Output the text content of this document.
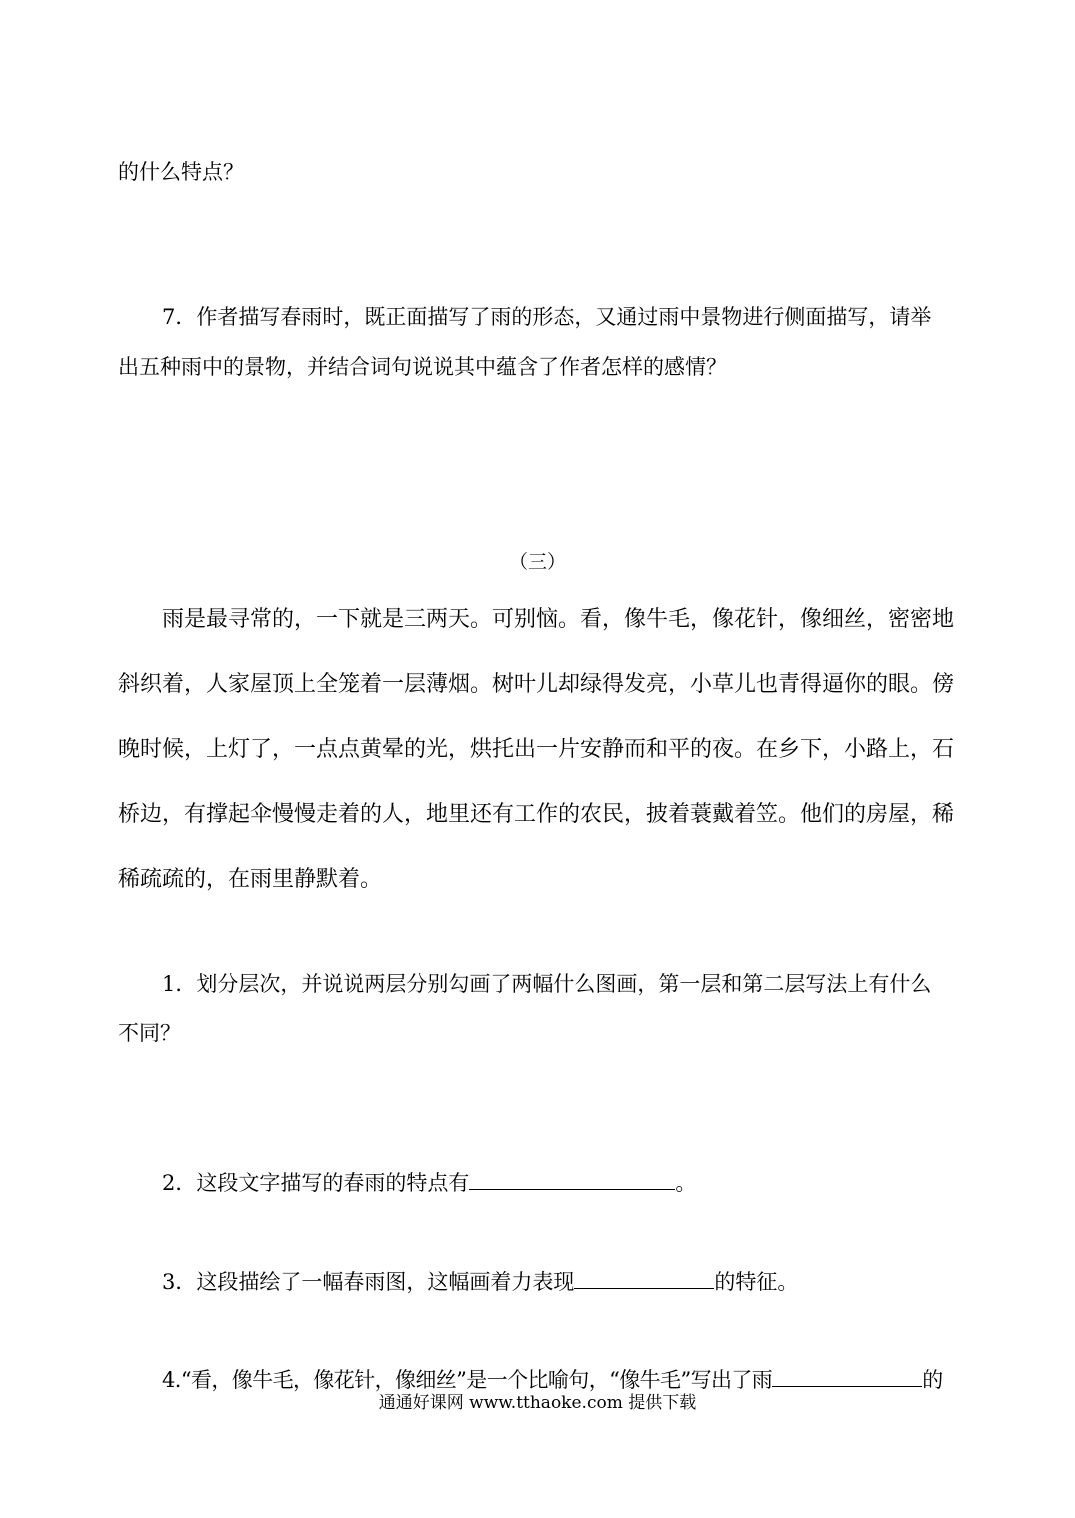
的什么特点？
7．作者描写春雨时，既正面描写了雨的形态，又通过雨中景物进行侧面描写，请举
出五种雨中的景物，并结合词句说说其中蕴含了作者怎样的感情？
（三）
雨是最寻常的，一下就是三两天。可别恼。看，像牛毛，像花针，像细丝，密密地
斜织着，人家屋顶上全笼着一层薄烟。树叶儿却绿得发亮，小草儿也青得逼你的眼。傍
晚时候，上灯了，一点点黄晕的光，烘托出一片安静而和平的夜。在乡下，小路上，石
桥边，有撑起伞慢慢走着的人，地里还有工作的农民，披着蓑戴着笠。他们的房屋，稀
稀疏疏的，在雨里静默着。
1．划分层次，并说说两层分别勾画了两幅什么图画，第一层和第二层写法上有什么
不同？
2．这段文字描写的春雨的特点有	。
3．这段描绘了一幅春雨图，这幅画着力表现	的特征。
4.“看，像牛毛，像花针，像细丝”是一个比喻句，“像牛毛”写出了雨	的
通通好课网 www.tthaoke.com 提供下载
